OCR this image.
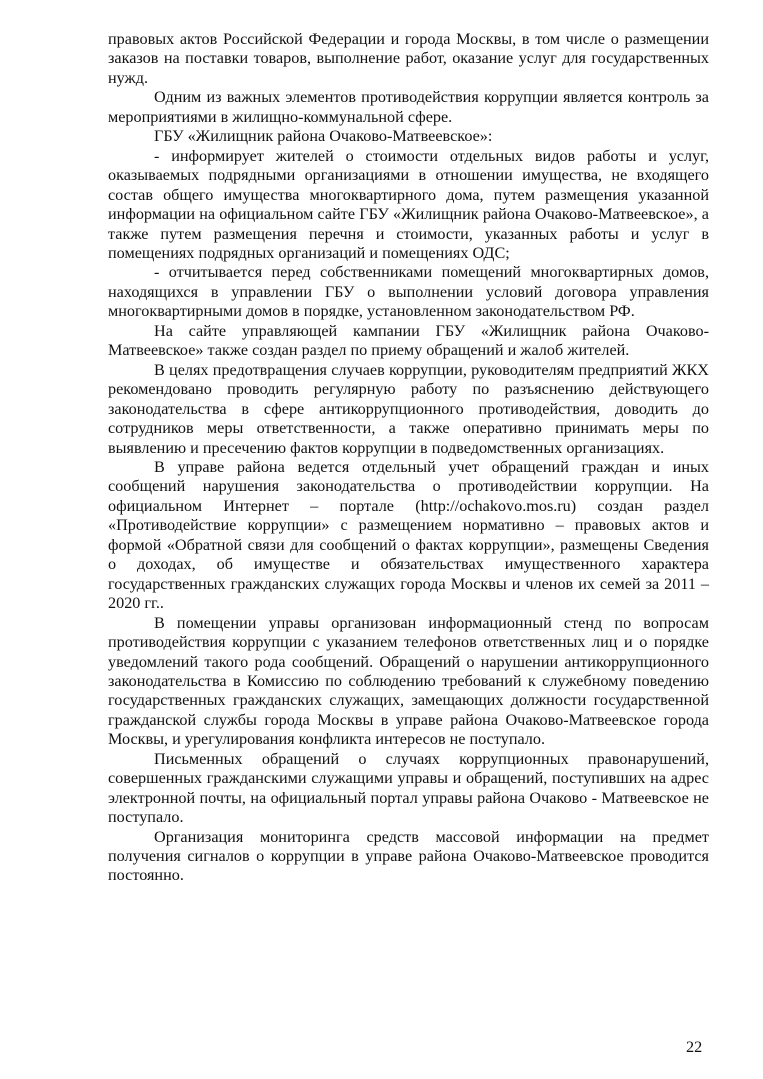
правовых актов Российской Федерации и города Москвы, в том числе о размещении заказов на поставки товаров, выполнение работ, оказание услуг для государственных нужд.

Одним из важных элементов противодействия коррупции является контроль за мероприятиями в жилищно-коммунальной сфере.

ГБУ «Жилищник района Очаково-Матвеевское»:

- информирует жителей о стоимости отдельных видов работы и услуг, оказываемых подрядными организациями в отношении имущества, не входящего состав общего имущества многоквартирного дома, путем размещения указанной информации на официальном сайте ГБУ «Жилищник района Очаково-Матвеевское», а также путем размещения перечня и стоимости, указанных работы и услуг в помещениях подрядных организаций и помещениях ОДС;

- отчитывается перед собственниками помещений многоквартирных домов, находящихся в управлении ГБУ о выполнении условий договора управления многоквартирными домов в порядке, установленном законодательством РФ.

На сайте управляющей кампании ГБУ «Жилищник района Очаково-Матвеевское» также создан раздел по приему обращений и жалоб жителей.

В целях предотвращения случаев коррупции, руководителям предприятий ЖКХ рекомендовано проводить регулярную работу по разъяснению действующего законодательства в сфере антикоррупционного противодействия, доводить до сотрудников меры ответственности, а также оперативно принимать меры по выявлению и пресечению фактов коррупции в подведомственных организациях.

В управе района ведется отдельный учет обращений граждан и иных сообщений нарушения законодательства о противодействии коррупции. На официальном Интернет – портале (http://ochakovo.mos.ru) создан раздел «Противодействие коррупции» с размещением нормативно – правовых актов и формой «Обратной связи для сообщений о фактах коррупции», размещены Сведения о доходах, об имуществе и обязательствах имущественного характера государственных гражданских служащих города Москвы и членов их семей за 2011 – 2020 гг..

В помещении управы организован информационный стенд по вопросам противодействия коррупции с указанием телефонов ответственных лиц и о порядке уведомлений такого рода сообщений. Обращений о нарушении антикоррупционного законодательства в Комиссию по соблюдению требований к служебному поведению государственных гражданских служащих, замещающих должности государственной гражданской службы города Москвы в управе района Очаково-Матвеевское города Москвы, и урегулирования конфликта интересов не поступало.

Письменных обращений о случаях коррупционных правонарушений, совершенных гражданскими служащими управы и обращений, поступивших на адрес электронной почты, на официальный портал управы района Очаково - Матвеевское не поступало.

Организация мониторинга средств массовой информации на предмет получения сигналов о коррупции в управе района Очаково-Матвеевское проводится постоянно.

22
